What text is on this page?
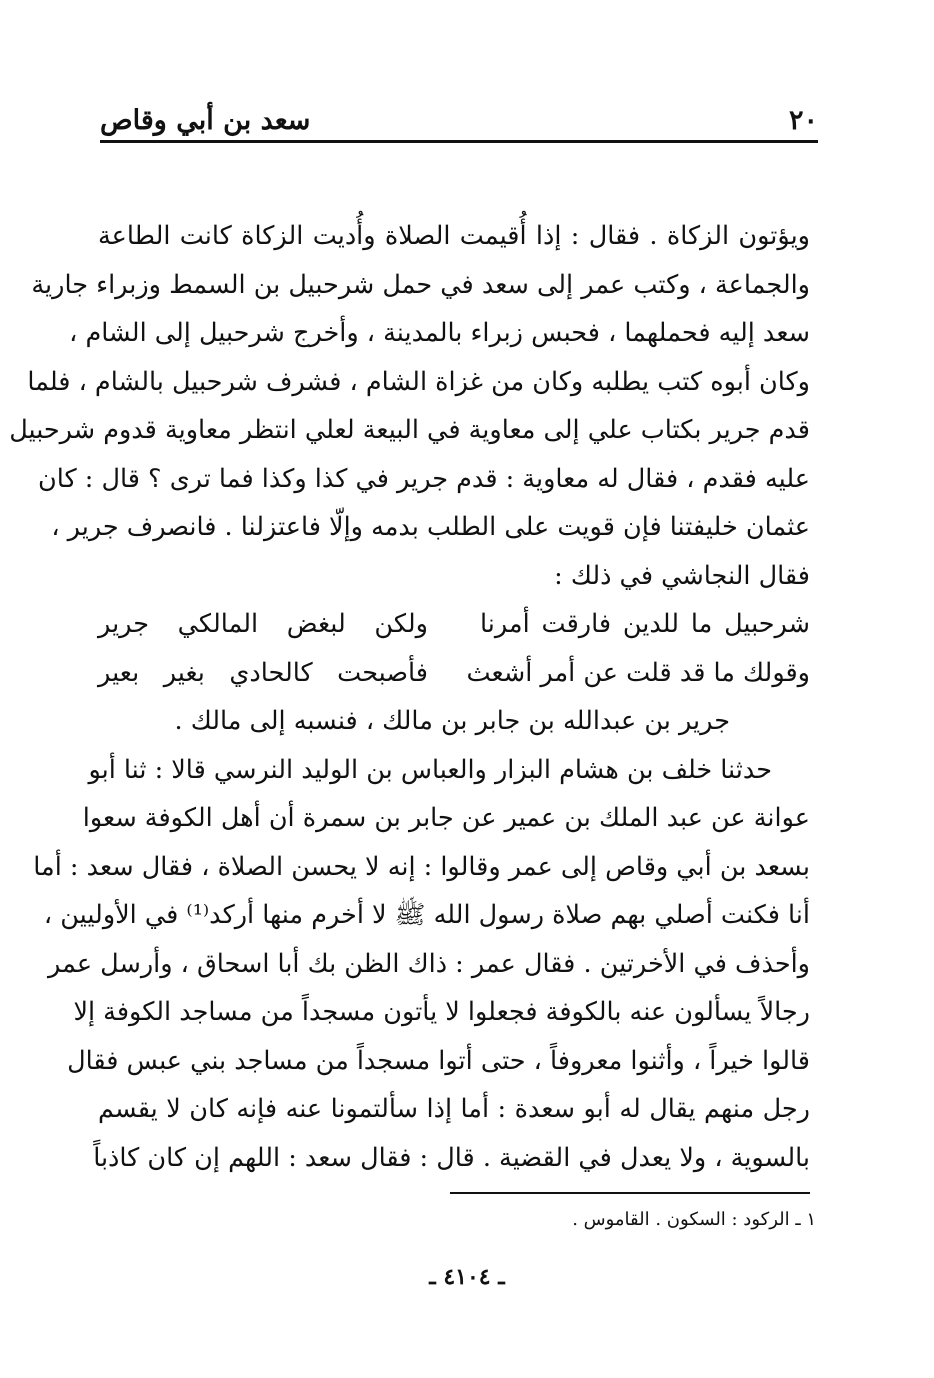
٢٠
سعد بن أبي وقاص
ويؤتون الزكاة . فقال : إذا أُقيمت الصلاة وأُديت الزكاة كانت الطاعة
والجماعة ، وكتب عمر إلى سعد في حمل شرحبيل بن السمط وزبراء جارية
سعد إليه فحملهما ، فحبس زبراء بالمدينة ، وأخرج شرحبيل إلى الشام ،
وكان أبوه كتب يطلبه وكان من غزاة الشام ، فشرف شرحبيل بالشام ، فلما
قدم جرير بكتاب علي إلى معاوية في البيعة لعلي انتظر معاوية قدوم شرحبيل
عليه فقدم ، فقال له معاوية : قدم جرير في كذا وكذا فما ترى ؟ قال : كان
عثمان خليفتنا فإن قويت على الطلب بدمه وإلّا فاعتزلنا . فانصرف جرير ،
فقال النجاشي في ذلك :
شرحبيل ما للدين فارقت أمرنا
ولكن لبغض المالكي جرير
وقولك ما قد قلت عن أمر أشعث
فأصبحت كالحادي بغير بعير
جرير بن عبدالله بن جابر بن مالك ، فنسبه إلى مالك .
حدثنا خلف بن هشام البزار والعباس بن الوليد النرسي قالا : ثنا أبو
عوانة عن عبد الملك بن عمير عن جابر بن سمرة أن أهل الكوفة سعوا
بسعد بن أبي وقاص إلى عمر وقالوا : إنه لا يحسن الصلاة ، فقال سعد : أما
أنا فكنت أصلي بهم صلاة رسول الله ﷺ لا أخرم منها أركد⁽¹⁾ في الأوليين ،
وأحذف في الأخرتين . فقال عمر : ذاك الظن بك أبا اسحاق ، وأرسل عمر
رجالاً يسألون عنه بالكوفة فجعلوا لا يأتون مسجداً من مساجد الكوفة إلا
قالوا خيراً ، وأثنوا معروفاً ، حتى أتوا مسجداً من مساجد بني عبس فقال
رجل منهم يقال له أبو سعدة : أما إذا سألتمونا عنه فإنه كان لا يقسم
بالسوية ، ولا يعدل في القضية . قال : فقال سعد : اللهم إن كان كاذباً
١ ـ الركود : السكون . القاموس .
ـ ٤١٠٤ ـ
